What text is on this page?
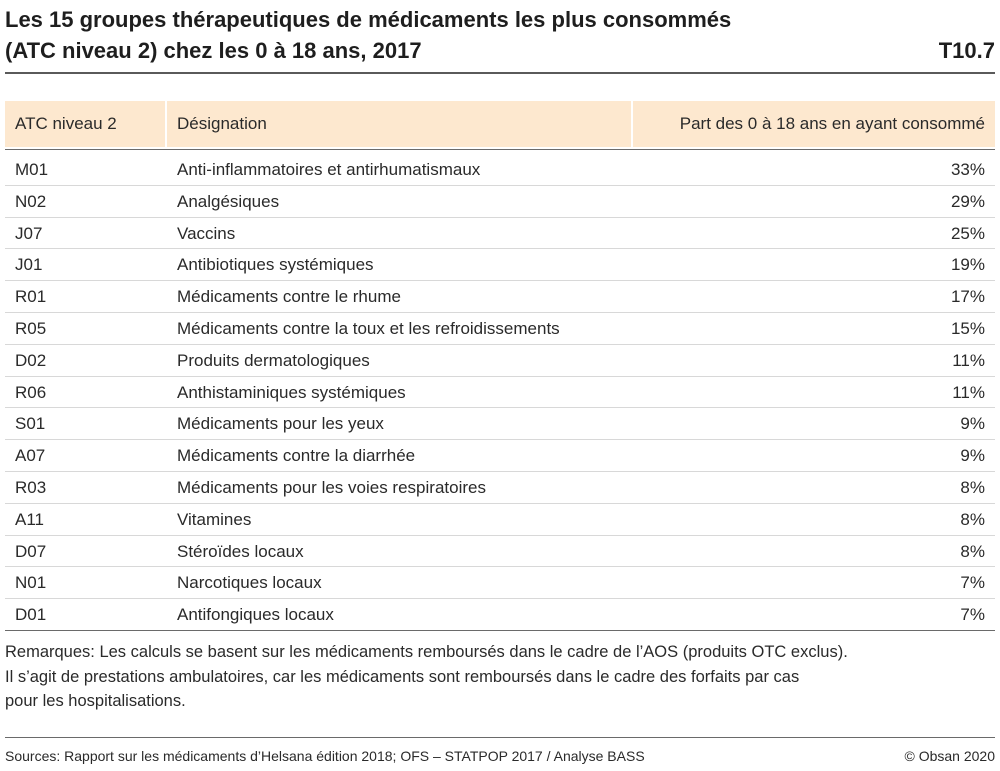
Les 15 groupes thérapeutiques de médicaments les plus consommés
(ATC niveau 2) chez les 0 à 18 ans, 2017	T10.7
ATC niveau 2	Désignation	Part des 0 à 18 ans en ayant consommé
M01	Anti-inflammatoires et antirhumatismaux	33%
N02	Analgésiques	29%
J07	Vaccins	25%
J01	Antibiotiques systémiques	19%
R01	Médicaments contre le rhume	17%
R05	Médicaments contre la toux et les refroidissements	15%
D02	Produits dermatologiques	11%
R06	Anthistaminiques systémiques	11%
S01	Médicaments pour les yeux	9%
A07	Médicaments contre la diarrhée	9%
R03	Médicaments pour les voies respiratoires	8%
A11	Vitamines	8%
D07	Stéroïdes locaux	8%
N01	Narcotiques locaux	7%
D01	Antifongiques locaux	7%
Remarques: Les calculs se basent sur les médicaments remboursés dans le cadre de l’AOS (produits OTC exclus).
Il s’agit de prestations ambulatoires, car les médicaments sont remboursés dans le cadre des forfaits par cas
pour les hospitalisations.
Sources: Rapport sur les médicaments d’Helsana édition 2018; OFS – STATPOP 2017 / Analyse BASS	© Obsan 2020
